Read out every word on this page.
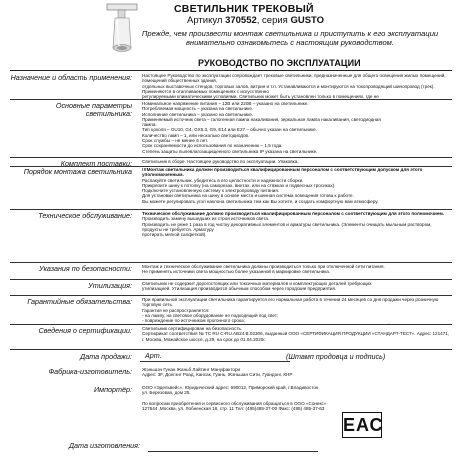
СВЕТИЛЬНИК ТРЕКОВЫЙ
Артикул 370552, серия GUSTO
Прежде, чем произвести монтаж светильника и приступить к его эксплуатации внимательно ознакомьтесь с настоящим руководством.
РУКОВОДСТВО ПО ЭКСПЛУАТАЦИИ
Назначение и область применения:	Настоящее Руководство по эксплуатации сопровождает трековые светильники, предназначенные для общего освещения жилых помещений, помещений общественных зданий,

отдельных выставочных стендов, торговых залов, витрин и т.п. Устанавливаются и монтируются на токопроводящий шинопровод (трек). Применяются в отапливаемых помещениях с искусственно

регулируемыми климатическими условиями. Светильник может быть установлен только в помещениях, где не

Основные параметры светильника:

Номинальное напряжение питания – 12В или 220В – указано на светильнике.

Потребляемая мощность – указана на светильнике.

Исполнение светильника – указано на светильнике.

Применяемый источник света – галогенная лампа накаливания, зеркальная лампа накаливания, светодиодная

лампа.

Тип цоколя – GU10, G4, GX5.3, G9, E14 или E27 – обычно указан на светильнике.

Количество ламп – 1, или несколько светодиодов.

Срок службы – не менее 6 лет.

Срок сохраняемости до использования по назначению – 1,5 года.

Степень защиты пылевлагозащищенного светильника IP указана на светильнике.

Комплект поставки:	Светильник в сборе. Настоящее руководство по эксплуатации. Упаковка.

Порядок монтажа светильника	!!!Монтаж светильника должен производиться квалифицированным персоналом с соответствующим допуском для этого уполномоченным.

Распакуйте светильник, убедитесь в его целостности и надежности сборки.

Прикрепите шину к потолку (на саморезах, винтах, или на стяжках и подвесных тросиках).

Подключите установленную систему к электропроводу питания.

Для установки светильника на шину в основе места и шинная система освещения готова к работе.

Вы можете регулировать угол наклона светильника тем как Вы хотите, и создать комфортную вам атмосферу.

Техническое обслуживание:	Техническое обслуживание должно производиться квалифицированным персоналом с соответствующим для этого полномочием.

Производить замену вышедших из строя источников света.

Производить не реже 1 раза в год чистку декоративных элементов и арматуры светильника. (Элементы очищать мыльным раствором, продукты не требуется. Арматуру

протирать мягкой салфеткой).

Указания по безопасности:	Монтаж и техническое обслуживание светильника должны производиться только при отключенной сети питания.

Не применять источники света мощностью более указанной в маркировке светильника.

Утилизация:	Светильник не содержит дорогостоящих или токсичных материалов и комплектующих деталей требующих

утилизацией. Утилизация производится обычным способом через городские предприятия.

Гарантийные обязательства:	При правильной эксплуатации светильника гарантируется его нормальная работа в течении 24 месяцев со дня продажи через розничную торговую сеть.

Гарантия не распространяется:

- на лампу, на световое оборудование не подходящий под свет;

- повреждение по источником прогонного срока;

Сведения о сертификации:	Светильник сертифицирован на безопасность.

Сертификат соответствия № ТС RU С-RU.АВ24.В.02306, выданный ООО «СЕРТИФИКАЦИЯ ПРОДУКЦИИ «СТАНДАРТ-ТЕСТ». Адрес: 121471, г. Москва, Можайское шоссе, д.29, на срок до 01.04.2020г.

Дата продажи: Арт.	(Штамп продовца и подпись)
Фабрика-изготовитель: Жэньшэн Гунан Жаньб Лайтинг Мануфактори

Адрес: 3F, Донгэнг Роад, Кансак, Гуань, Жэньшан Сити, Гуандонг, КНР

Импортёр: ООО «Эдельвейс». Юридический адрес: 690012, Приморский край, г.Владивосток

ул. Березовая, дом 25.

По вопросам приобретения и сервисного обслуживания обращаться в ООО «Сонекс»

127644 ,Москва, ул. Лобненская 18, стр. 11 Тел: (495)485-37-00 Факс: (495) 485-37-63

ЕАС
Дата изготовления:
